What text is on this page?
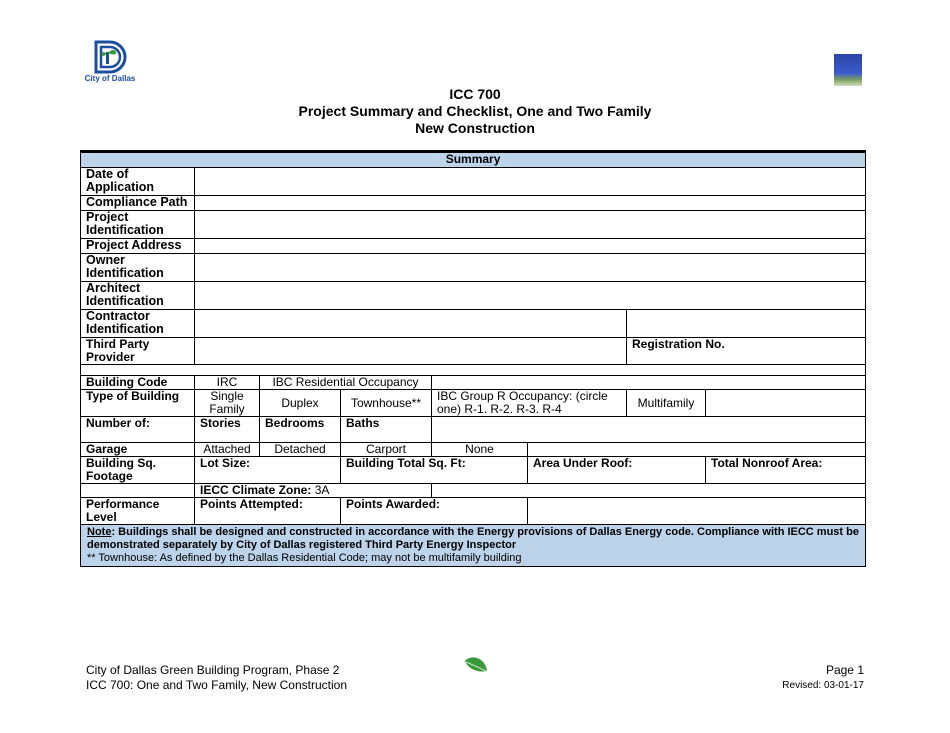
City of Dallas
ICC 700
Project Summary and Checklist, One and Two Family
New Construction
Summary							
Date of Application							
Compliance Path							
Project Identification							
Project Address							
Owner Identification							
Architect Identification							
Contractor Identification							
Third Party Provider						Registration No.	

Building Code	IRC	IBC Residential Occupancy					
Type of Building	Single Family	Duplex	Townhouse**	IBC Group R Occupancy: (circle one) R-1. R-2. R-3. R-4		Multifamily	
Number of:	Stories	Bedrooms	Baths				
Garage	Attached	Detached	Carport	None			
Building Sq. Footage	Lot Size:		Building Total Sq. Ft:		Area Under Roof:		Total Nonroof Area:
	IECC Climate Zone: 3A						
Performance Level	Points Attempted:		Points Awarded:				
Note: Buildings shall be designed and constructed in accordance with the Energy provisions of Dallas Energy code. Compliance with IECC must be demonstrated separately by City of Dallas registered Third Party Energy Inspector
** Townhouse: As defined by the Dallas Residential Code; may not be multifamily building							
City of Dallas Green Building Program, Phase 2
ICC 700: One and Two Family, New Construction
Page 1
Revised: 03-01-17
